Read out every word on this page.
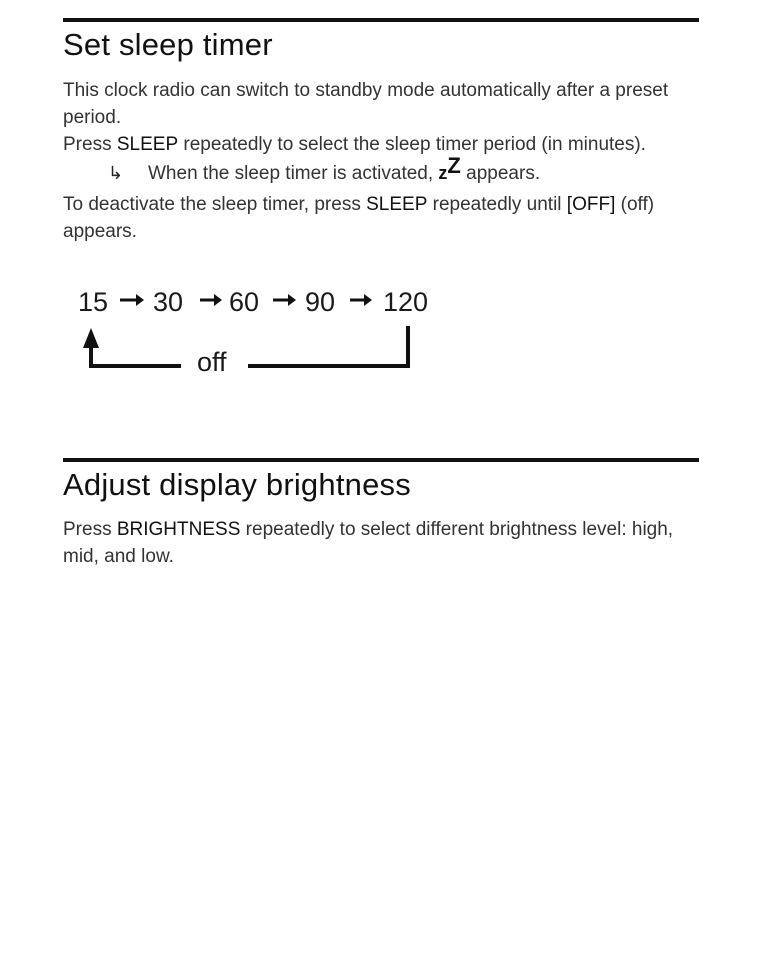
Set sleep timer

This clock radio can switch to standby mode automatically after a preset period.

Press SLEEP repeatedly to select the sleep timer period (in minutes).

↳ When the sleep timer is activated, zZ appears.

To deactivate the sleep timer, press SLEEP repeatedly until [OFF] (off) appears.

15 30 60 90 120
off
Adjust display brightness

Press BRIGHTNESS repeatedly to select different brightness level: high, mid, and low.
